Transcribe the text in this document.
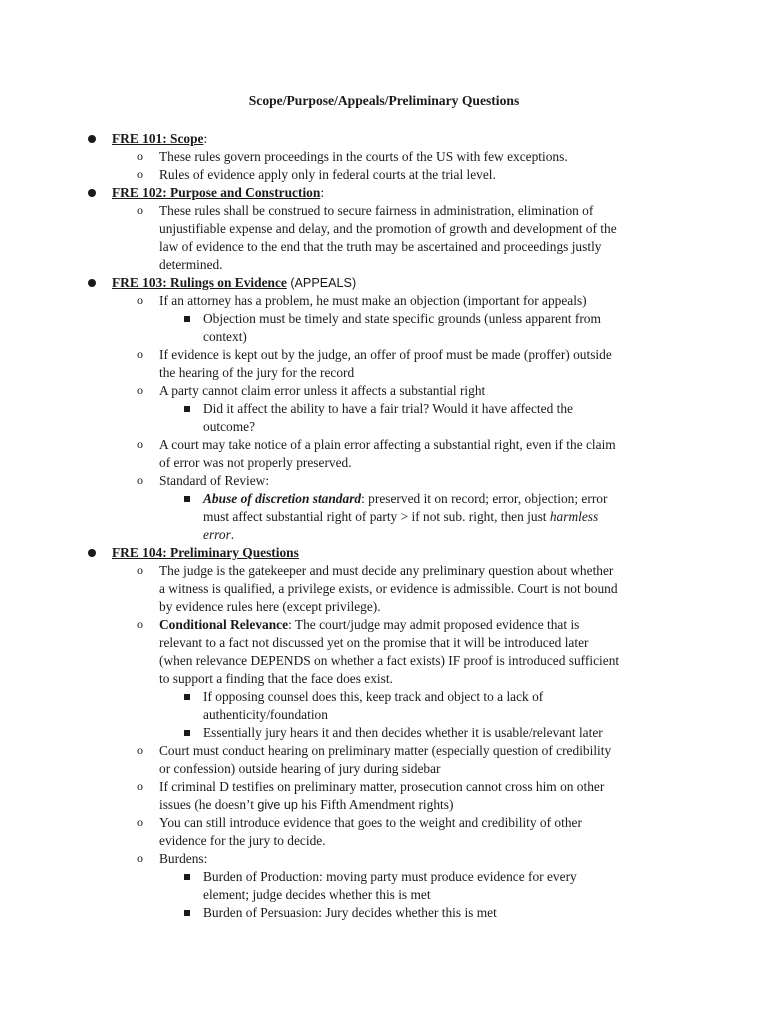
Scope/Purpose/Appeals/Preliminary Questions
FRE 101: Scope:
o These rules govern proceedings in the courts of the US with few exceptions.
o Rules of evidence apply only in federal courts at the trial level.
FRE 102: Purpose and Construction:
o These rules shall be construed to secure fairness in administration, elimination of
unjustifiable expense and delay, and the promotion of growth and development of the
law of evidence to the end that the truth may be ascertained and proceedings justly
determined.
FRE 103: Rulings on Evidence (APPEALS)
o If an attorney has a problem, he must make an objection (important for appeals)
Objection must be timely and state specific grounds (unless apparent from
context)
o If evidence is kept out by the judge, an offer of proof must be made (proffer) outside
the hearing of the jury for the record
o A party cannot claim error unless it affects a substantial right
Did it affect the ability to have a fair trial? Would it have affected the
outcome?
o A court may take notice of a plain error affecting a substantial right, even if the claim
of error was not properly preserved.
o Standard of Review:
Abuse of discretion standard: preserved it on record; error, objection; error
must affect substantial right of party > if not sub. right, then just harmless
error.
FRE 104: Preliminary Questions
o The judge is the gatekeeper and must decide any preliminary question about whether
a witness is qualified, a privilege exists, or evidence is admissible. Court is not bound
by evidence rules here (except privilege).
o Conditional Relevance: The court/judge may admit proposed evidence that is
relevant to a fact not discussed yet on the promise that it will be introduced later
(when relevance DEPENDS on whether a fact exists) IF proof is introduced sufficient
to support a finding that the face does exist.
If opposing counsel does this, keep track and object to a lack of
authenticity/foundation
Essentially jury hears it and then decides whether it is usable/relevant later
o Court must conduct hearing on preliminary matter (especially question of credibility
or confession) outside hearing of jury during sidebar
o If criminal D testifies on preliminary matter, prosecution cannot cross him on other
issues (he doesn’t give up his Fifth Amendment rights)
o You can still introduce evidence that goes to the weight and credibility of other
evidence for the jury to decide.
o Burdens:
Burden of Production: moving party must produce evidence for every
element; judge decides whether this is met
Burden of Persuasion: Jury decides whether this is met
